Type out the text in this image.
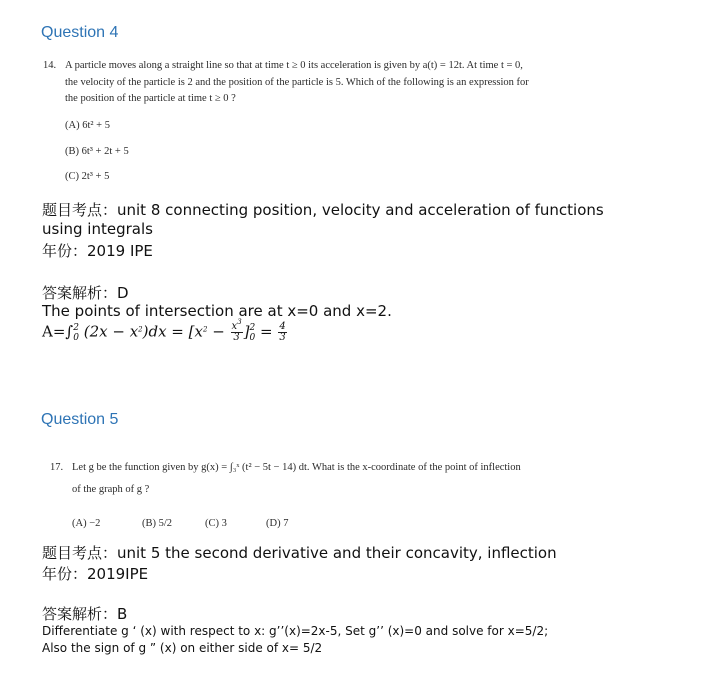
Question 4
14. A particle moves along a straight line so that at time t ≥ 0 its acceleration is given by a(t) = 12t. At time t = 0,
the velocity of the particle is 2 and the position of the particle is 5. Which of the following is an expression for
the position of the particle at time t ≥ 0 ?
(A) 6t² + 5
(B) 6t³ + 2t + 5
(C) 2t³ + 5
题目考点：unit 8 connecting position, velocity and acceleration of functions
using integrals
年份：2019 IPE
答案解析：D
The points of intersection are at x=0 and x=2.
A=∫ 2
0 $(2x - x^2)dx = [x^2 - \frac{x^3}{3}$ ] 2
$0 = \frac{4}{3}$
Question 5
17. Let g be the function given by g(x) = ∫₃ˣ (t² − 5t − 14) dt. What is the x-coordinate of the point of inflection
of the graph of g ?
(A) −2	(B) 5/2	(C) 3	(D) 7
题目考点：unit 5 the second derivative and their concavity, inflection
年份：2019IPE
答案解析：B
Differentiate g ‘ (x) with respect to x: g’’(x)=2x-5, Set g’’ (x)=0 and solve for x=5/2;
Also the sign of g ” (x) on either side of x= 5/2
